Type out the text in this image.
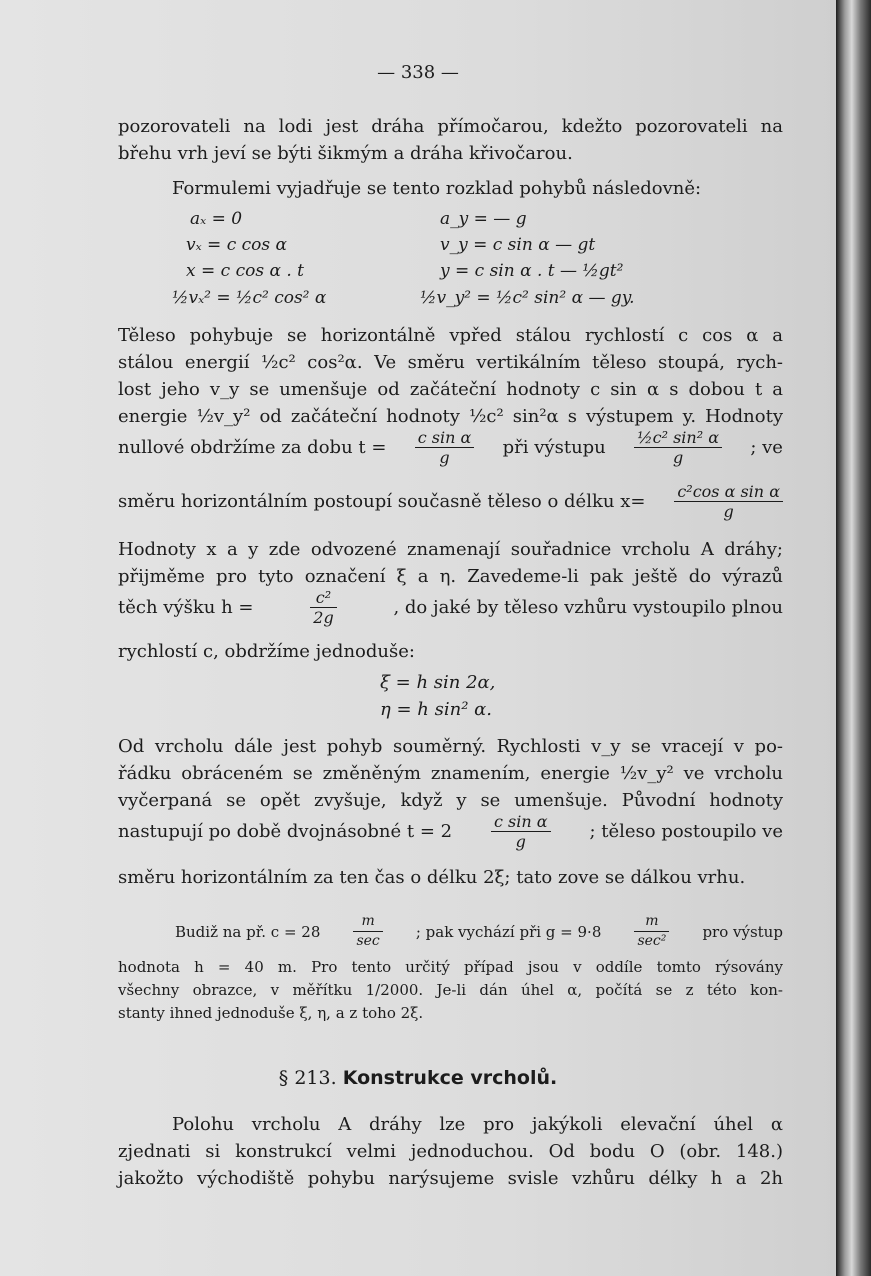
— 338 —
pozorovateli na lodi jest dráha přímočarou, kdežto pozorovateli na
břehu vrh jeví se býti šikmým a dráha křivočarou.
Formulemi vyjadřuje se tento rozklad pohybů následovně:
aₓ = 0	a_y = — g
vₓ = c cos α	v_y = c sin α — gt
x = c cos α . t	y = c sin α . t — ½gt²
½vₓ² = ½c² cos² α	½v_y² = ½c² sin² α — gy.
Těleso pohybuje se horizontálně vpřed stálou rychlostí c cos α a
stálou energií ½c² cos²α. Ve směru vertikálním těleso stoupá, rych-
lost jeho v_y se umenšuje od začáteční hodnoty c sin α s dobou t a
energie ½v_y² od začáteční hodnoty ½c² sin²α s výstupem y. Hodnoty
nullové obdržíme za dobu $t = \frac{\text{c sin α}}{g}$ při výstupu $\frac{\text{½c² sin² α}}{g}$ ; ve
směru horizontálním postoupí současně těleso o délku $x= \frac{\text{c²cos α sin α}}{g}$
Hodnoty x a y zde odvozené znamenají souřadnice vrcholu A dráhy;
přijměme pro tyto označení ξ a η. Zavedeme-li pak ještě do výrazů
těch výšku h =	$\frac{\text{c²}}{2g}$	, do jaké by těleso vzhůru vystoupilo plnou
rychlostí c, obdržíme jednoduše:
ξ = h sin 2α,
η = h sin² α.
Od vrcholu dále jest pohyb souměrný. Rychlosti v_y se vracejí v po-
řádku obráceném se změněným znamením, energie ½v_y² ve vrcholu
vyčerpaná se opět zvyšuje, když y se umenšuje. Původní hodnoty
nastupují po době dvojnásobné $t = 2 \frac{\text{c sin α}}{g}$ ; těleso postoupilo ve
směru horizontálním za ten čas o délku 2ξ; tato zove se dálkou vrhu.
Budiž na př. $c = 28 \frac{m}{\sec}$ ; pak vychází při $g = 9\cdot 8 \frac{m}{\text{sec²}}$ pro výstup
hodnota h = 40 m. Pro tento určitý případ jsou v oddíle tomto rýsovány
všechny obrazce, v měřítku 1/2000. Je-li dán úhel α, počítá se z této kon-
stanty ihned jednoduše ξ, η, a z toho 2ξ.
§ 213. Konstrukce vrcholů.
Polohu vrcholu A dráhy lze pro jakýkoli elevační úhel α
zjednati si konstrukcí velmi jednoduchou. Od bodu O (obr. 148.)
jakožto východiště pohybu narýsujeme svisle vzhůru délky h a 2h
